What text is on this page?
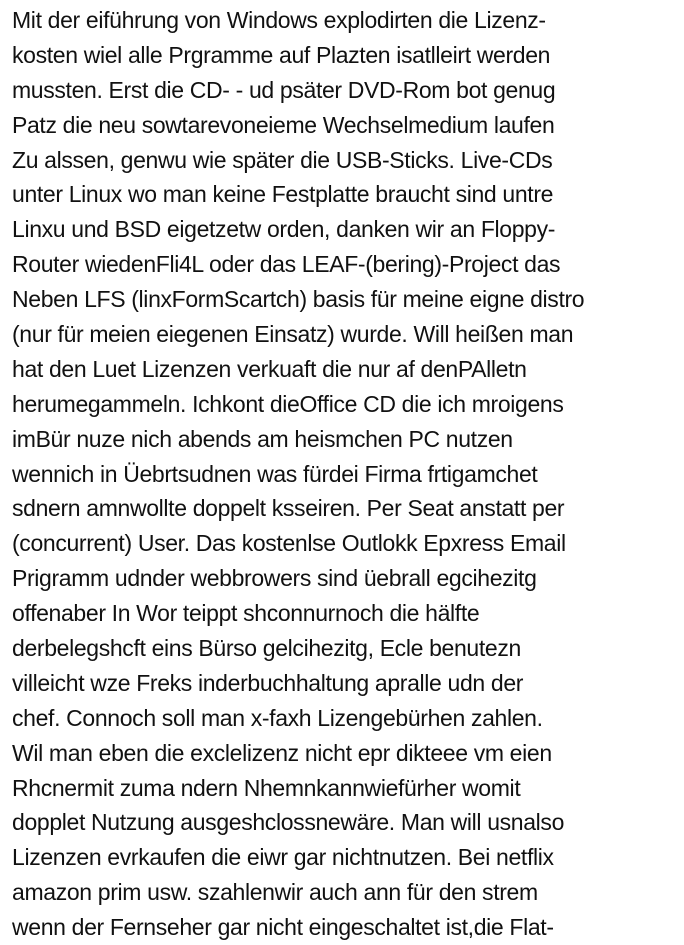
Mit der eiführung von Windows explodirten die Lizenz-
kosten wiel alle Prgramme auf Plazten isatlleirt werden
mussten. Erst die CD- - ud psäter DVD-Rom bot genug
Patz die neu sowtarevoneieme Wechselmedium laufen
Zu alssen, genwu wie später die USB-Sticks. Live-CDs
unter Linux wo man keine Festplatte braucht sind untre
Linxu und BSD eigetzetw orden, danken wir an Floppy-
Router wiedenFli4L oder das LEAF-(bering)-Project das
Neben LFS (linxFormScartch) basis für meine eigne distro
(nur für meien eiegenen Einsatz) wurde. Will heißen man
hat den Luet Lizenzen verkuaft die nur af denPAlletn
herumegammeln. Ichkont dieOffice CD die ich mroigens
imBür nuze nich abends am heismchen PC nutzen
wennich in Üebrtsudnen was fürdei Firma frtigamchet
sdnern amnwollte doppelt ksseiren. Per Seat anstatt per
(concurrent) User. Das kostenlse Outlokk Epxress Email
Prigramm udnder webbrowers sind üebrall egcihezitg
offenaber In Wor teippt shconnurnoch die hälfte
derbelegshcft eins Bürso gelcihezitg, Ecle benutezn
villeicht wze Freks inderbuchhaltung apralle udn der
chef. Connoch soll man x-faxh Lizengebürhen zahlen.
Wil man eben die exclelizenz nicht epr dikteee vm eien
Rhcnermit zuma ndern Nhemnkannwiefürher womit
dopplet Nutzung ausgeshclossnewäre. Man will usnalso
Lizenzen evrkaufen die eiwr gar nichtnutzen. Bei netflix
amazon prim usw. szahlenwir auch ann für den strem
wenn der Fernseher gar nicht eingeschaltet ist,die Flat-
